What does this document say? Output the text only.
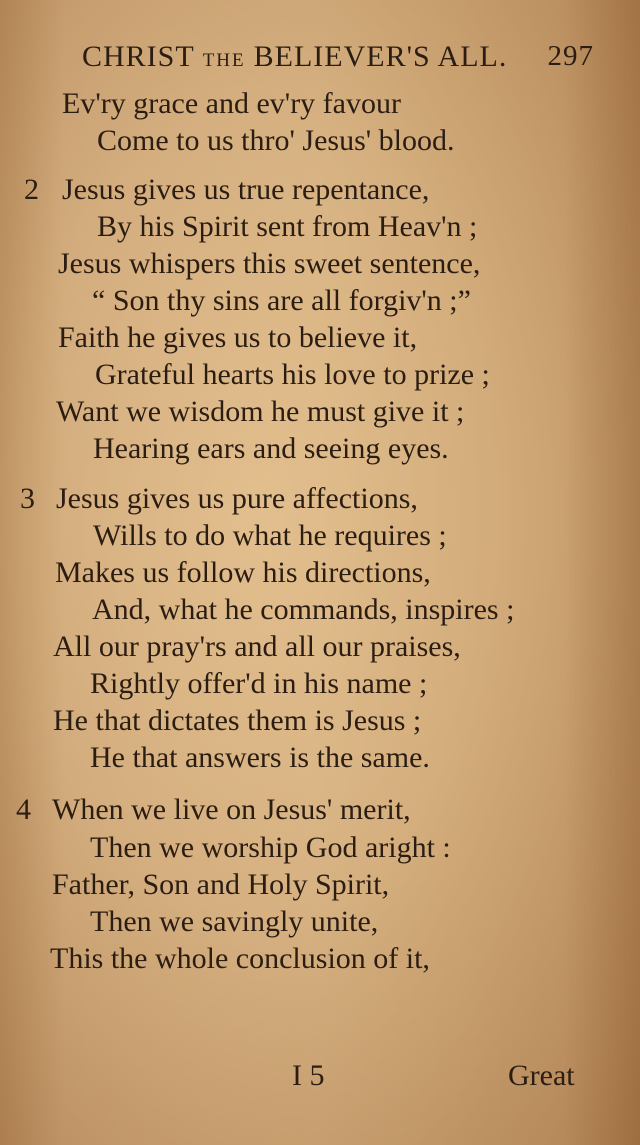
CHRIST THE BELIEVER'S ALL. 297
Ev'ry grace and ev'ry favour
Come to us thro' Jesus' blood.
2 Jesus gives us true repentance,
By his Spirit sent from Heav'n ;
Jesus whispers this sweet sentence,
“ Son thy sins are all forgiv'n ;”
Faith he gives us to believe it,
Grateful hearts his love to prize ;
Want we wisdom he must give it ;
Hearing ears and seeing eyes.
3 Jesus gives us pure affections,
Wills to do what he requires ;
Makes us follow his directions,
And, what he commands, inspires ;
All our pray'rs and all our praises,
Rightly offer'd in his name ;
He that dictates them is Jesus ;
He that answers is the same.
4 When we live on Jesus' merit,
Then we worship God aright :
Father, Son and Holy Spirit,
Then we savingly unite,
This the whole conclusion of it,
I 5	Great
